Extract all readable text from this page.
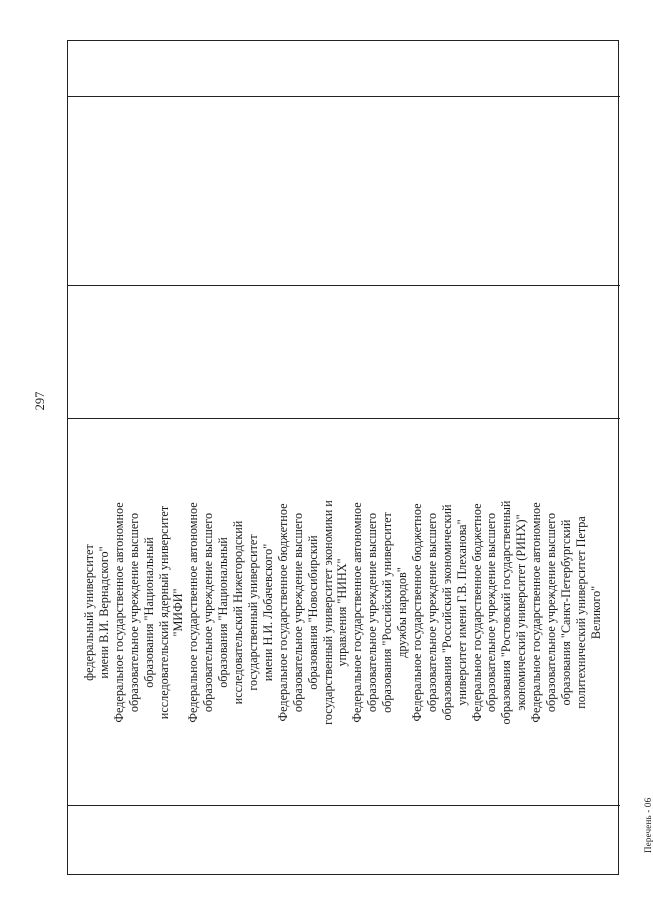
297

федеральный университет
имени В.И. Вернадского"

Федеральное государственное автономное
образовательное учреждение высшего
образования "Национальный
исследовательский ядерный университет
"МИФИ"

Федеральное государственное автономное
образовательное учреждение высшего
образования "Национальный
исследовательский Нижегородский
государственный университет
имени Н.И. Лобачевского"

Федеральное государственное бюджетное
образовательное учреждение высшего
образования "Новосибирский
государственный университет экономики и
управления "НИНХ"

Федеральное государственное автономное
образовательное учреждение высшего
образования "Российский университет
дружбы народов"

Федеральное государственное бюджетное
образовательное учреждение высшего
образования "Российский экономический
университет имени Г.В. Плеханова"

Федеральное государственное бюджетное
образовательное учреждение высшего
образования "Ростовский государственный
экономический университет (РИНХ)"

Федеральное государственное автономное
образовательное учреждение высшего
образования "Санкт-Петербургский
политехнический университет Петра
Великого"

Перечень - 06
